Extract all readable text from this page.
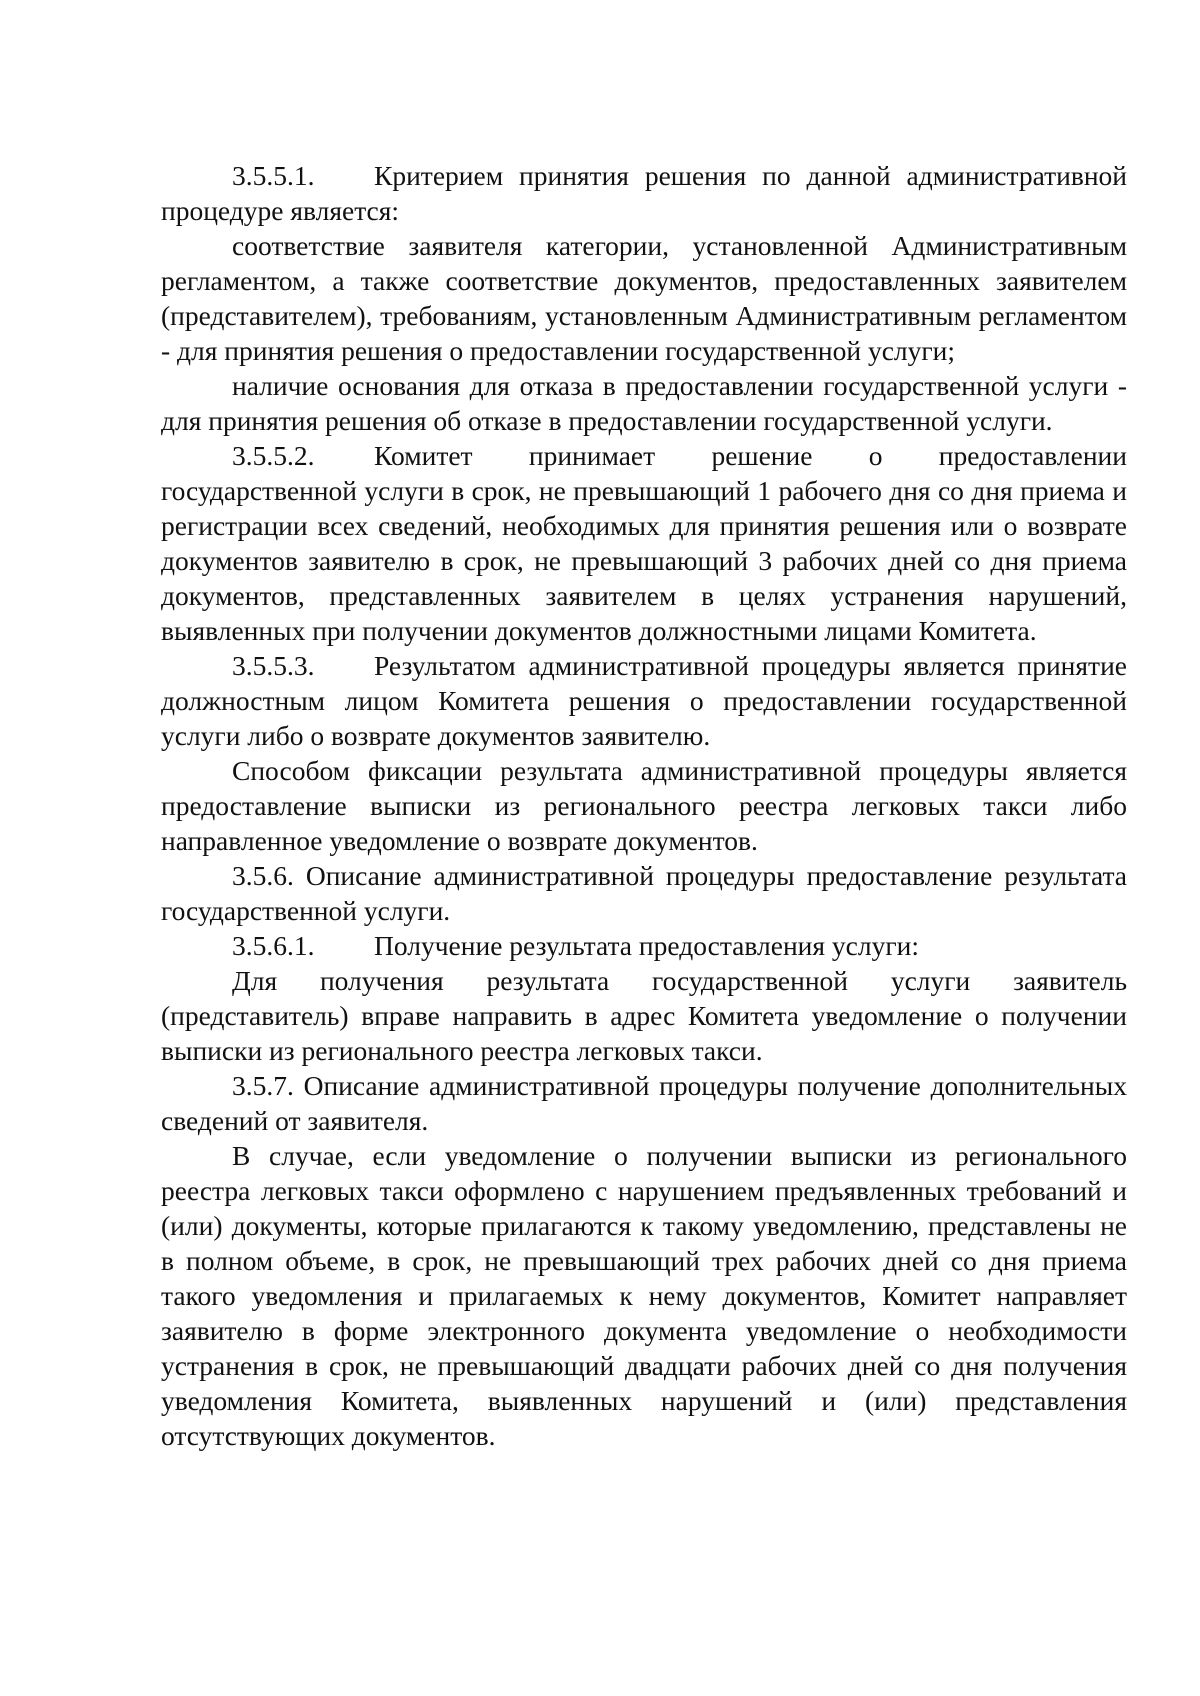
3.5.5.1. Критерием принятия решения по данной административной процедуре является:

соответствие заявителя категории, установленной Административным регламентом, а также соответствие документов, предоставленных заявителем (представителем), требованиям, установленным Административным регламентом - для принятия решения о предоставлении государственной услуги;

наличие основания для отказа в предоставлении государственной услуги - для принятия решения об отказе в предоставлении государственной услуги.

3.5.5.2. Комитет принимает решение о предоставлении государственной услуги в срок, не превышающий 1 рабочего дня со дня приема и регистрации всех сведений, необходимых для принятия решения или о возврате документов заявителю в срок, не превышающий 3 рабочих дней со дня приема документов, представленных заявителем в целях устранения нарушений, выявленных при получении документов должностными лицами Комитета.

3.5.5.3. Результатом административной процедуры является принятие должностным лицом Комитета решения о предоставлении государственной услуги либо о возврате документов заявителю.

Способом фиксации результата административной процедуры является предоставление выписки из регионального реестра легковых такси либо направленное уведомление о возврате документов.

3.5.6. Описание административной процедуры предоставление результата государственной услуги.

3.5.6.1. Получение результата предоставления услуги:

Для получения результата государственной услуги заявитель (представитель) вправе направить в адрес Комитета уведомление о получении выписки из регионального реестра легковых такси.

3.5.7. Описание административной процедуры получение дополнительных сведений от заявителя.

В случае, если уведомление о получении выписки из регионального реестра легковых такси оформлено с нарушением предъявленных требований и (или) документы, которые прилагаются к такому уведомлению, представлены не в полном объеме, в срок, не превышающий трех рабочих дней со дня приема такого уведомления и прилагаемых к нему документов, Комитет направляет заявителю в форме электронного документа уведомление о необходимости устранения в срок, не превышающий двадцати рабочих дней со дня получения уведомления Комитета, выявленных нарушений и (или) представления отсутствующих документов.
